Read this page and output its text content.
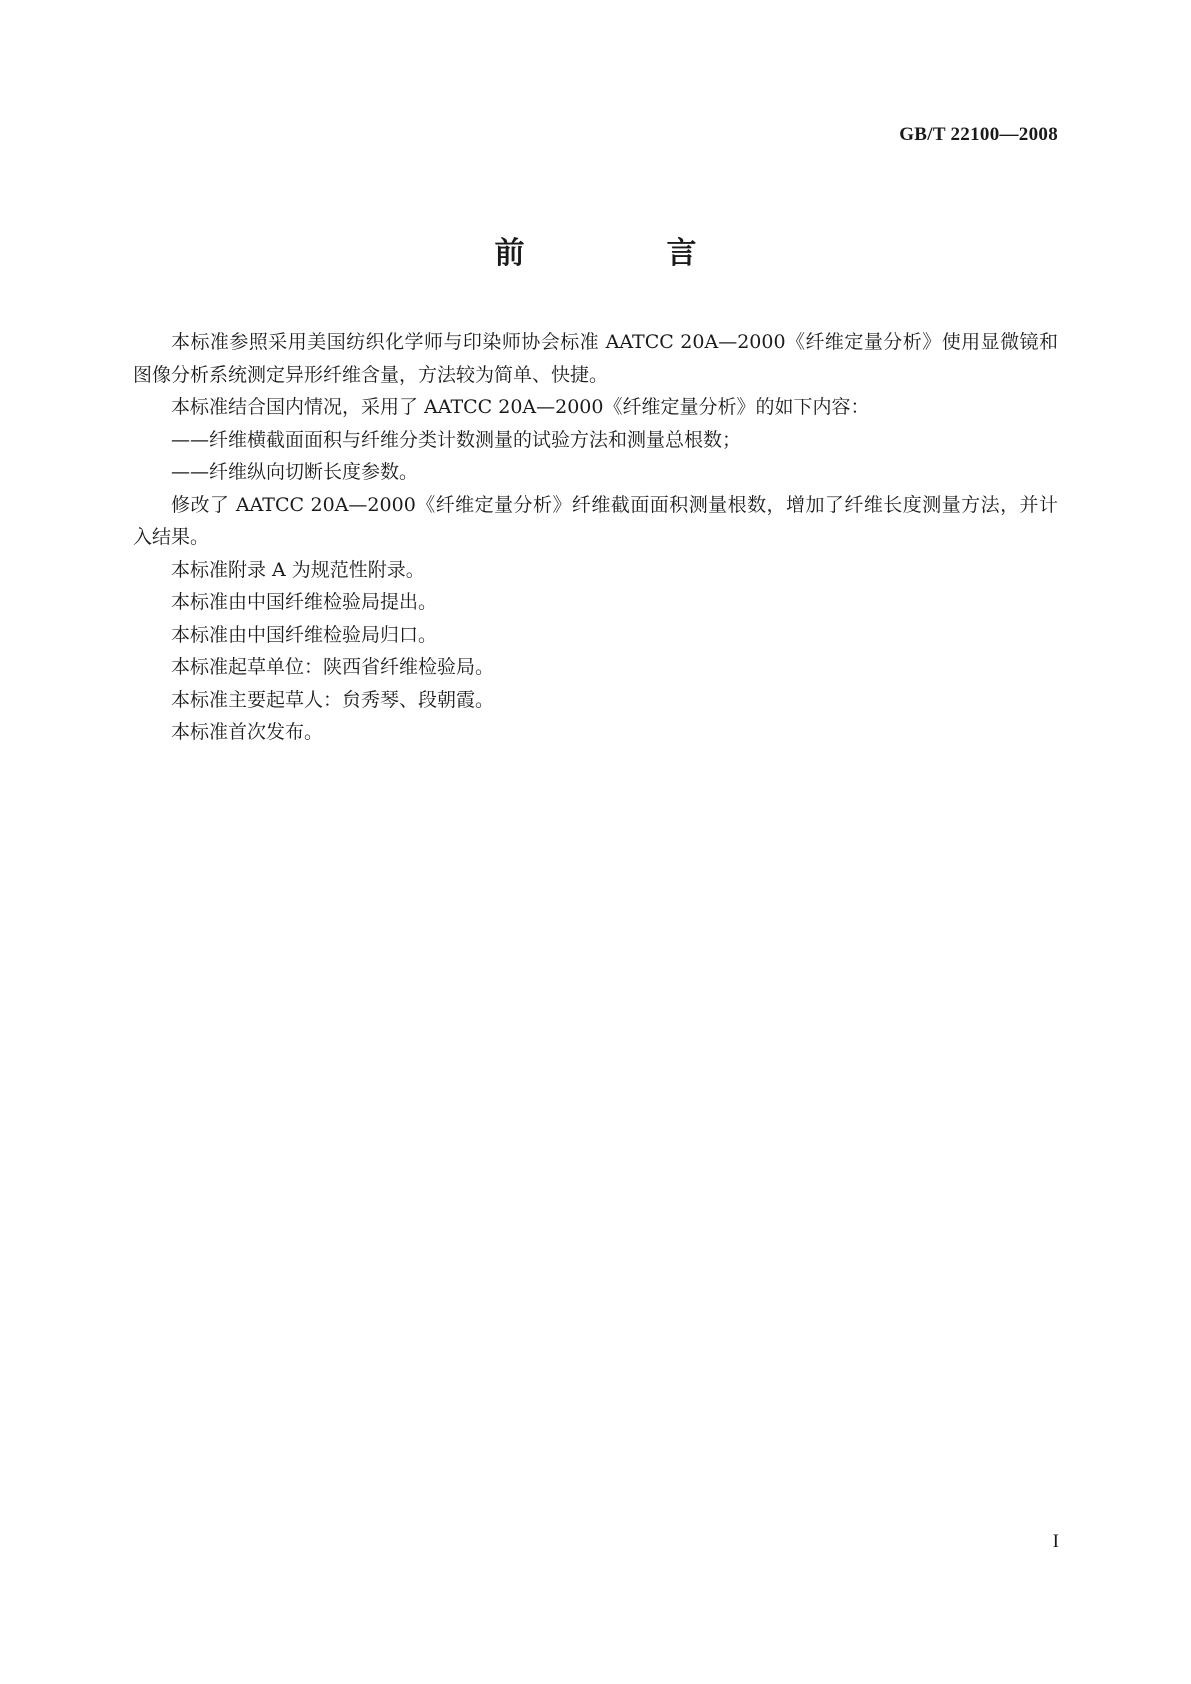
GB/T 22100—2008
前　言

本标准参照采用美国纺织化学师与印染师协会标准 AATCC 20A—2000《纤维定量分析》使用显微镜和图像分析系统测定异形纤维含量，方法较为简单、快捷。

本标准结合国内情况，采用了 AATCC 20A—2000《纤维定量分析》的如下内容：

——纤维横截面面积与纤维分类计数测量的试验方法和测量总根数；

——纤维纵向切断长度参数。

修改了 AATCC 20A—2000《纤维定量分析》纤维截面面积测量根数，增加了纤维长度测量方法，并计入结果。

本标准附录 A 为规范性附录。

本标准由中国纤维检验局提出。

本标准由中国纤维检验局归口。

本标准起草单位：陕西省纤维检验局。

本标准主要起草人：贠秀琴、段朝霞。

本标准首次发布。

I
